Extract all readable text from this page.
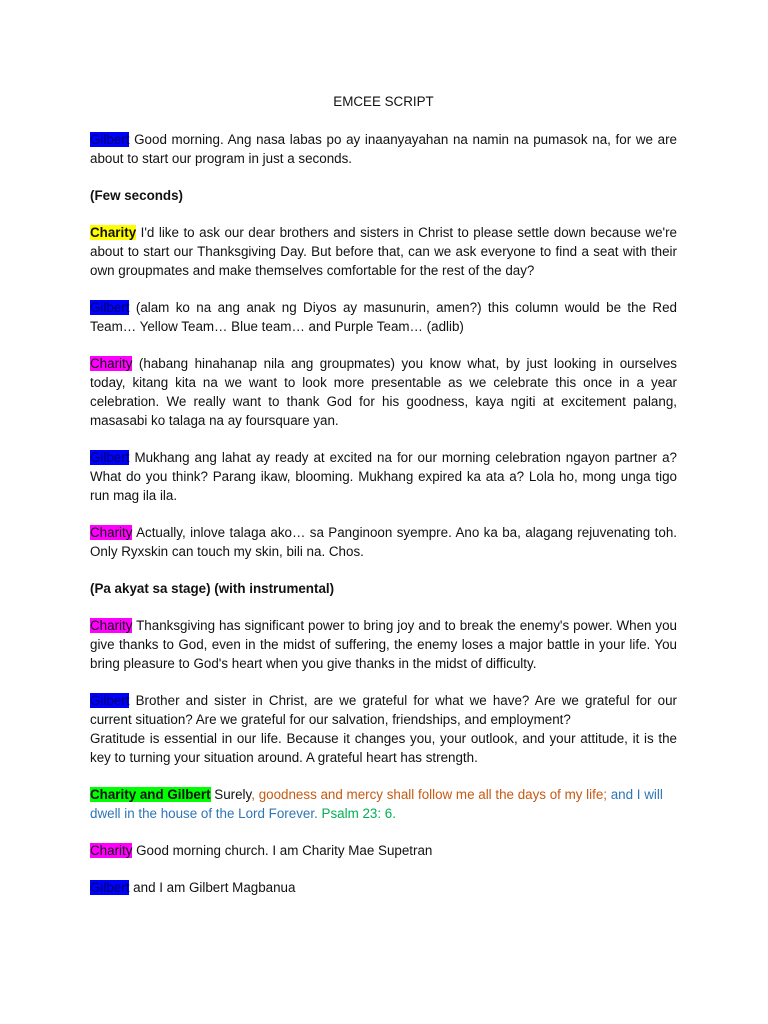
EMCEE SCRIPT

Gilbert Good morning. Ang nasa labas po ay inaanyayahan na namin na pumasok na, for we are about to start our program in just a seconds.

(Few seconds)

Charity I'd like to ask our dear brothers and sisters in Christ to please settle down because we're about to start our Thanksgiving Day. But before that, can we ask everyone to find a seat with their own groupmates and make themselves comfortable for the rest of the day?

Gilbert (alam ko na ang anak ng Diyos ay masunurin, amen?) this column would be the Red Team… Yellow Team… Blue team… and Purple Team… (adlib)

Charity (habang hinahanap nila ang groupmates) you know what, by just looking in ourselves today, kitang kita na we want to look more presentable as we celebrate this once in a year celebration. We really want to thank God for his goodness, kaya ngiti at excitement palang, masasabi ko talaga na ay foursquare yan.

Gilbert Mukhang ang lahat ay ready at excited na for our morning celebration ngayon partner a? What do you think? Parang ikaw, blooming. Mukhang expired ka ata a? Lola ho, mong unga tigo run mag ila ila.

Charity Actually, inlove talaga ako… sa Panginoon syempre. Ano ka ba, alagang rejuvenating toh. Only Ryxskin can touch my skin, bili na. Chos.

(Pa akyat sa stage) (with instrumental)

Charity Thanksgiving has significant power to bring joy and to break the enemy's power. When you give thanks to God, even in the midst of suffering, the enemy loses a major battle in your life. You bring pleasure to God's heart when you give thanks in the midst of difficulty.

Gilbert Brother and sister in Christ, are we grateful for what we have? Are we grateful for our current situation? Are we grateful for our salvation, friendships, and employment?
Gratitude is essential in our life. Because it changes you, your outlook, and your attitude, it is the key to turning your situation around. A grateful heart has strength.

Charity and Gilbert Surely, goodness and mercy shall follow me all the days of my life; and I will dwell in the house of the Lord Forever. Psalm 23: 6.

Charity Good morning church. I am Charity Mae Supetran

Gilbert and I am Gilbert Magbanua
